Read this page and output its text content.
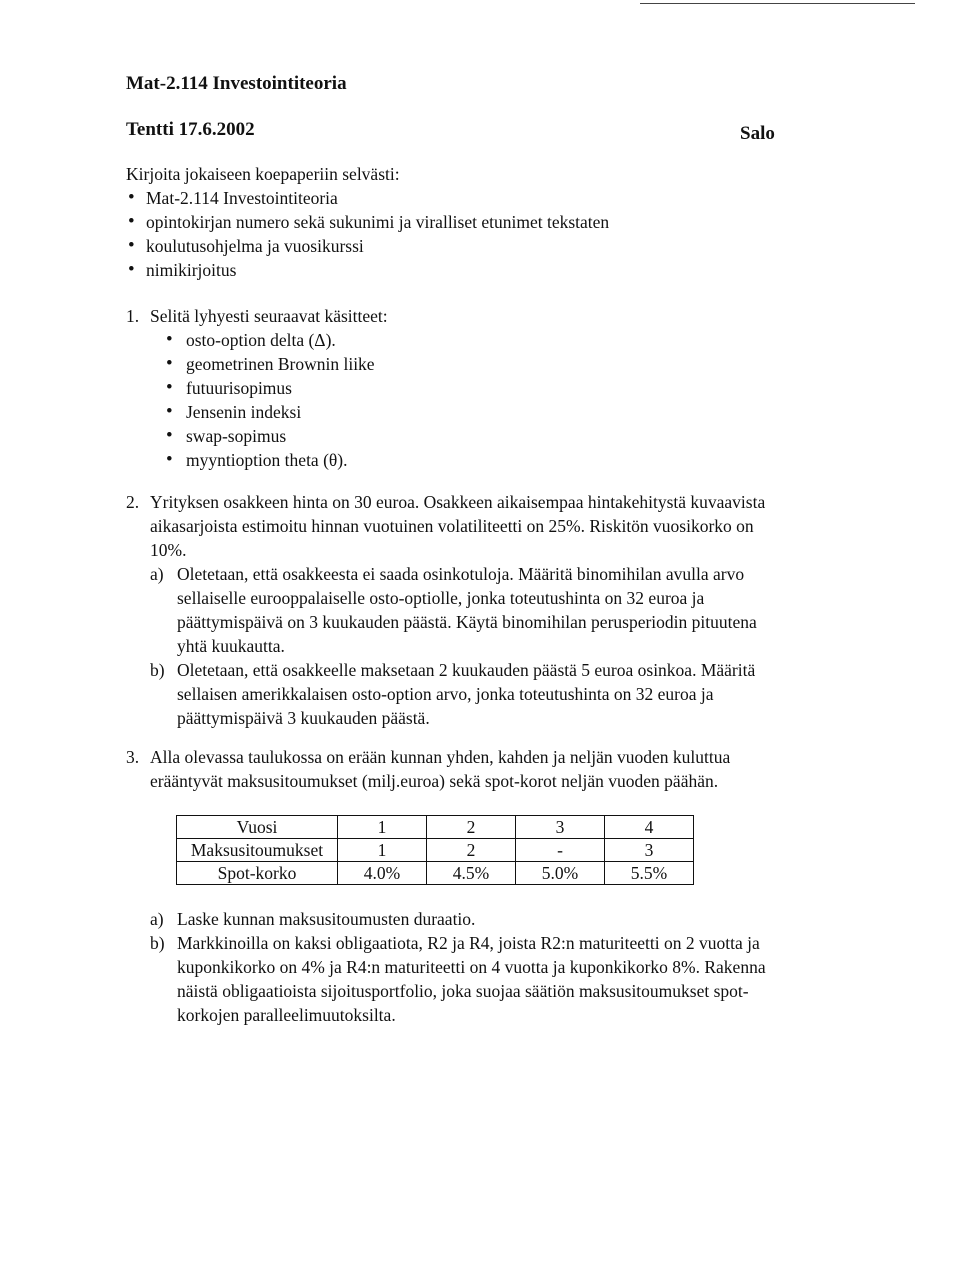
Mat-2.114 Investointiteoria
Tentti 17.6.2002	Salo
Kirjoita jokaiseen koepaperiin selvästi:
• Mat-2.114 Investointiteoria
• opintokirjan numero sekä sukunimi ja viralliset etunimet tekstaten
• koulutusohjelma ja vuosikurssi
• nimikirjoitus
1. Selitä lyhyesti seuraavat käsitteet:
• osto-option delta (Δ).
• geometrinen Brownin liike
• futuurisopimus
• Jensenin indeksi
• swap-sopimus
• myyntioption theta (θ).
2. Yrityksen osakkeen hinta on 30 euroa. Osakkeen aikaisempaa hintakehitystä kuvaavista aikasarjoista estimoitu hinnan vuotuinen volatiliteetti on 25%. Riskitön vuosikorko on 10%.
a) Oletetaan, että osakkeesta ei saada osinkotuloja. Määritä binomihilan avulla arvo sellaiselle eurooppalaiselle osto-optiolle, jonka toteutushinta on 32 euroa ja päättymispäivä on 3 kuukauden päästä. Käytä binomihilan perusperiodin pituutena yhtä kuukautta.
b) Oletetaan, että osakkeelle maksetaan 2 kuukauden päästä 5 euroa osinkoa. Määritä sellaisen amerikkalaisen osto-option arvo, jonka toteutushinta on 32 euroa ja päättymispäivä 3 kuukauden päästä.
3. Alla olevassa taulukossa on erään kunnan yhden, kahden ja neljän vuoden kuluttua erääntyvät maksusitoumukset (milj.euroa) sekä spot-korot neljän vuoden päähän.
Vuosi	1	2	3	4
Maksusitoumukset	1	2	-	3
Spot-korko	4.0%	4.5%	5.0%	5.5%
a) Laske kunnan maksusitoumusten duraatio.
b) Markkinoilla on kaksi obligaatiota, R2 ja R4, joista R2:n maturiteetti on 2 vuotta ja kuponkikorko on 4% ja R4:n maturiteetti on 4 vuotta ja kuponkikorko 8%. Rakenna näistä obligaatioista sijoitusportfolio, joka suojaa säätiön maksusitoumukset spot-korkojen paralleelimuutoksilta.
